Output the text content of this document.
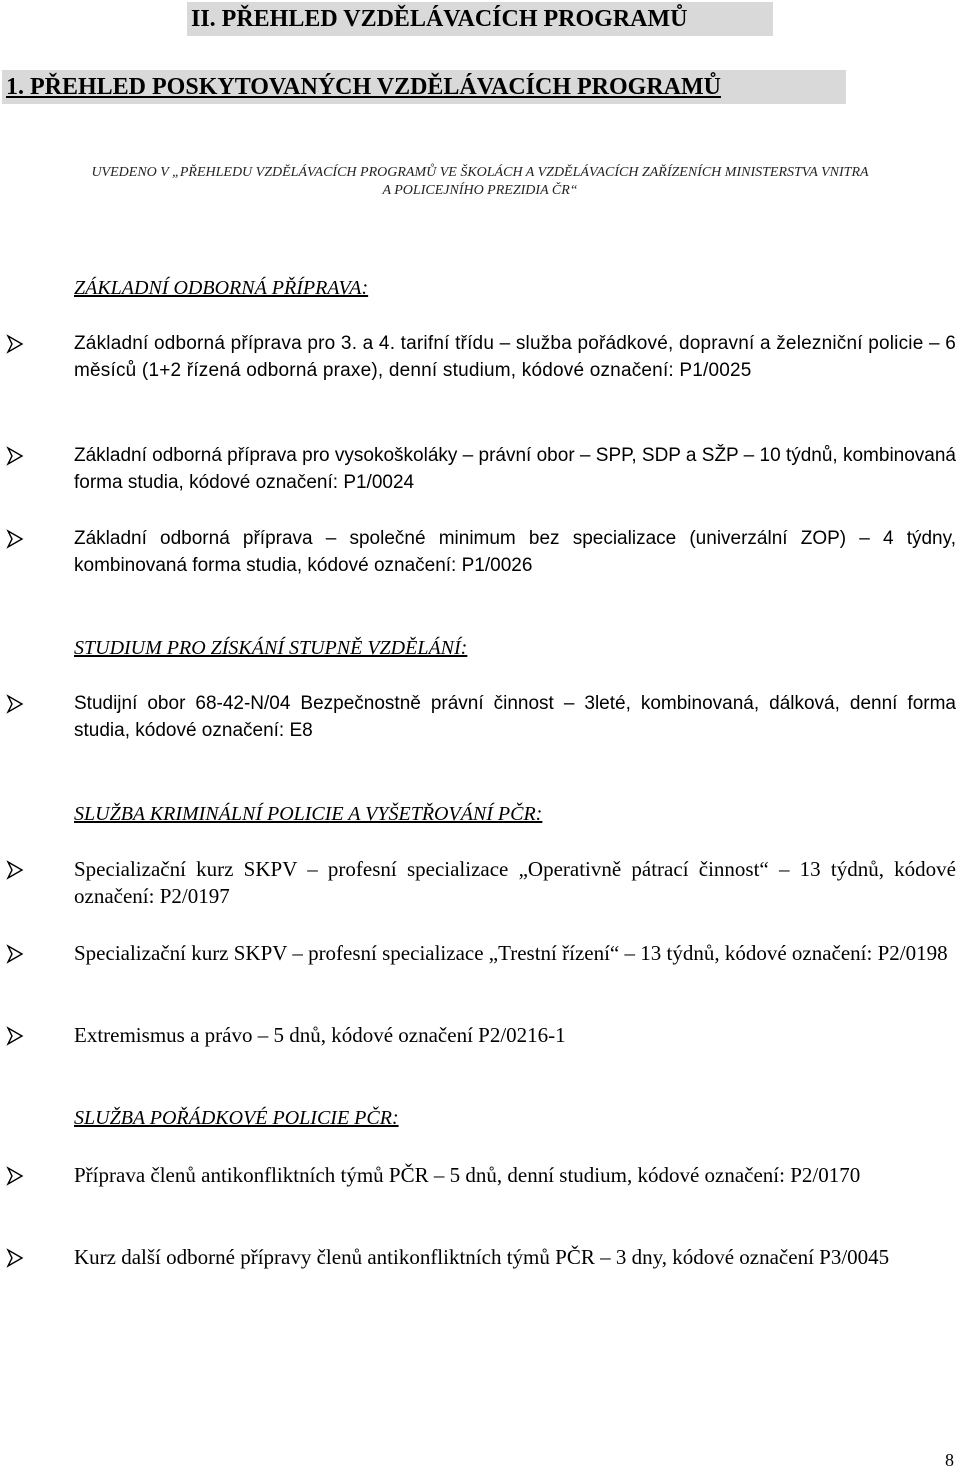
II. PŘEHLED VZDĚLÁVACÍCH PROGRAMŮ
1. PŘEHLED POSKYTOVANÝCH VZDĚLÁVACÍCH PROGRAMŮ

UVEDENO V „PŘEHLEDU VZDĚLÁVACÍCH PROGRAMŮ VE ŠKOLÁCH A VZDĚLÁVACÍCH ZAŘÍZENÍCH MINISTERSTVA VNITRA

A POLICEJNÍHO PREZIDIA ČR“

ZÁKLADNÍ ODBORNÁ PŘÍPRAVA:

Základní odborná příprava pro 3. a 4. tarifní třídu – služba pořádkové, dopravní a železniční policie – 6 měsíců (1+2 řízená odborná praxe), denní studium, kódové označení: P1/0025

Základní odborná příprava pro vysokoškoláky – právní obor – SPP, SDP a SŽP – 10 týdnů, kombinovaná forma studia, kódové označení: P1/0024

Základní odborná příprava – společné minimum bez specializace (univerzální ZOP) – 4 týdny, kombinovaná forma studia, kódové označení: P1/0026

STUDIUM PRO ZÍSKÁNÍ STUPNĚ VZDĚLÁNÍ:

Studijní obor 68-42-N/04 Bezpečnostně právní činnost – 3leté, kombinovaná, dálková, denní forma studia, kódové označení: E8

SLUŽBA KRIMINÁLNÍ POLICIE A VYŠETŘOVÁNÍ PČR:

Specializační kurz SKPV – profesní specializace „Operativně pátrací činnost“ – 13 týdnů, kódové označení: P2/0197

Specializační kurz SKPV – profesní specializace „Trestní řízení“ – 13 týdnů, kódové označení: P2/0198

Extremismus a právo – 5 dnů, kódové označení P2/0216-1

SLUŽBA POŘÁDKOVÉ POLICIE PČR:

Příprava členů antikonfliktních týmů PČR – 5 dnů, denní studium, kódové označení: P2/0170

Kurz další odborné přípravy členů antikonfliktních týmů PČR – 3 dny, kódové označení P3/0045

8
